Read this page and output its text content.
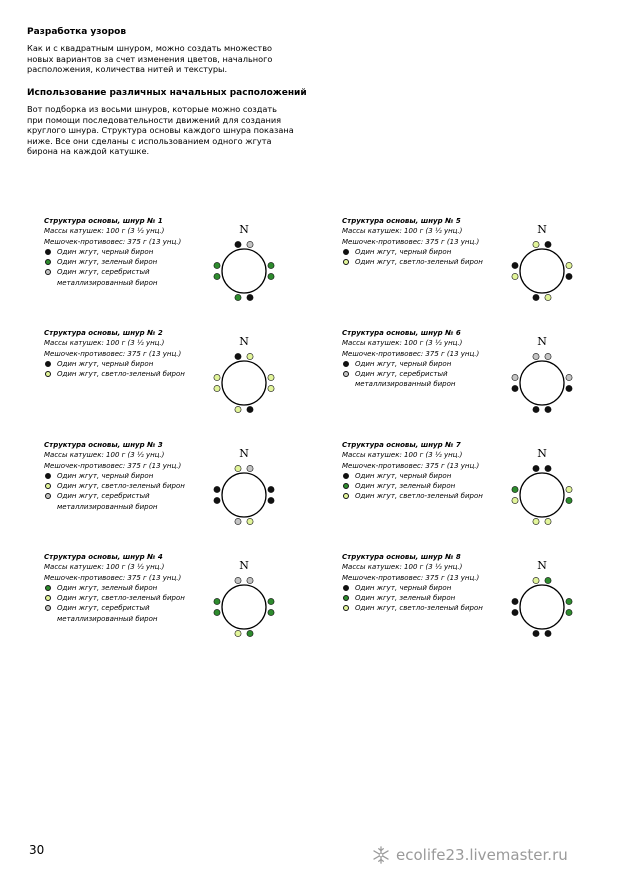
Разработка узоров
Как и с квадратным шнуром, можно создать множество
новых вариантов за счет изменения цветов, начального
расположения, количества нитей и текстуры.
Использование различных начальных расположений
Вот подборка из восьми шнуров, которые можно создать
при помощи последовательности движений для создания
круглого шнура. Структура основы каждого шнура показана
ниже. Все они сделаны с использованием одного жгута
бирона на каждой катушке.
Структура основы, шнур № 1
Массы катушек: 100 г (3 ½ унц.)
Мешочек-противовес: 375 г (13 унц.)
Один жгут, черный бирон
Один жгут, зеленый бирон
Один жгут, серебристый
металлизированный бирон
N
Структура основы, шнур № 2
Массы катушек: 100 г (3 ½ унц.)
Мешочек-противовес: 375 г (13 унц.)
Один жгут, черный бирон
Один жгут, светло-зеленый бирон
N
Структура основы, шнур № 3
Массы катушек: 100 г (3 ½ унц.)
Мешочек-противовес: 375 г (13 унц.)
Один жгут, черный бирон
Один жгут, светло-зеленый бирон
Один жгут, серебристый
металлизированный бирон
N
Структура основы, шнур № 4
Массы катушек: 100 г (3 ½ унц.)
Мешочек-противовес: 375 г (13 унц.)
Один жгут, зеленый бирон
Один жгут, светло-зеленый бирон
Один жгут, серебристый
металлизированный бирон
N
Структура основы, шнур № 5
Массы катушек: 100 г (3 ½ унц.)
Мешочек-противовес: 375 г (13 унц.)
Один жгут, черный бирон
Один жгут, светло-зеленый бирон
N
Структура основы, шнур № 6
Массы катушек: 100 г (3 ½ унц.)
Мешочек-противовес: 375 г (13 унц.)
Один жгут, черный бирон
Один жгут, серебристый
металлизированный бирон
N
Структура основы, шнур № 7
Массы катушек: 100 г (3 ½ унц.)
Мешочек-противовес: 375 г (13 унц.)
Один жгут, черный бирон
Один жгут, зеленый бирон
Один жгут, светло-зеленый бирон
N
Структура основы, шнур № 8
Массы катушек: 100 г (3 ½ унц.)
Мешочек-противовес: 375 г (13 унц.)
Один жгут, черный бирон
Один жгут, зеленый бирон
Один жгут, светло-зеленый бирон
N
30	ecolife23.livemaster.ru
